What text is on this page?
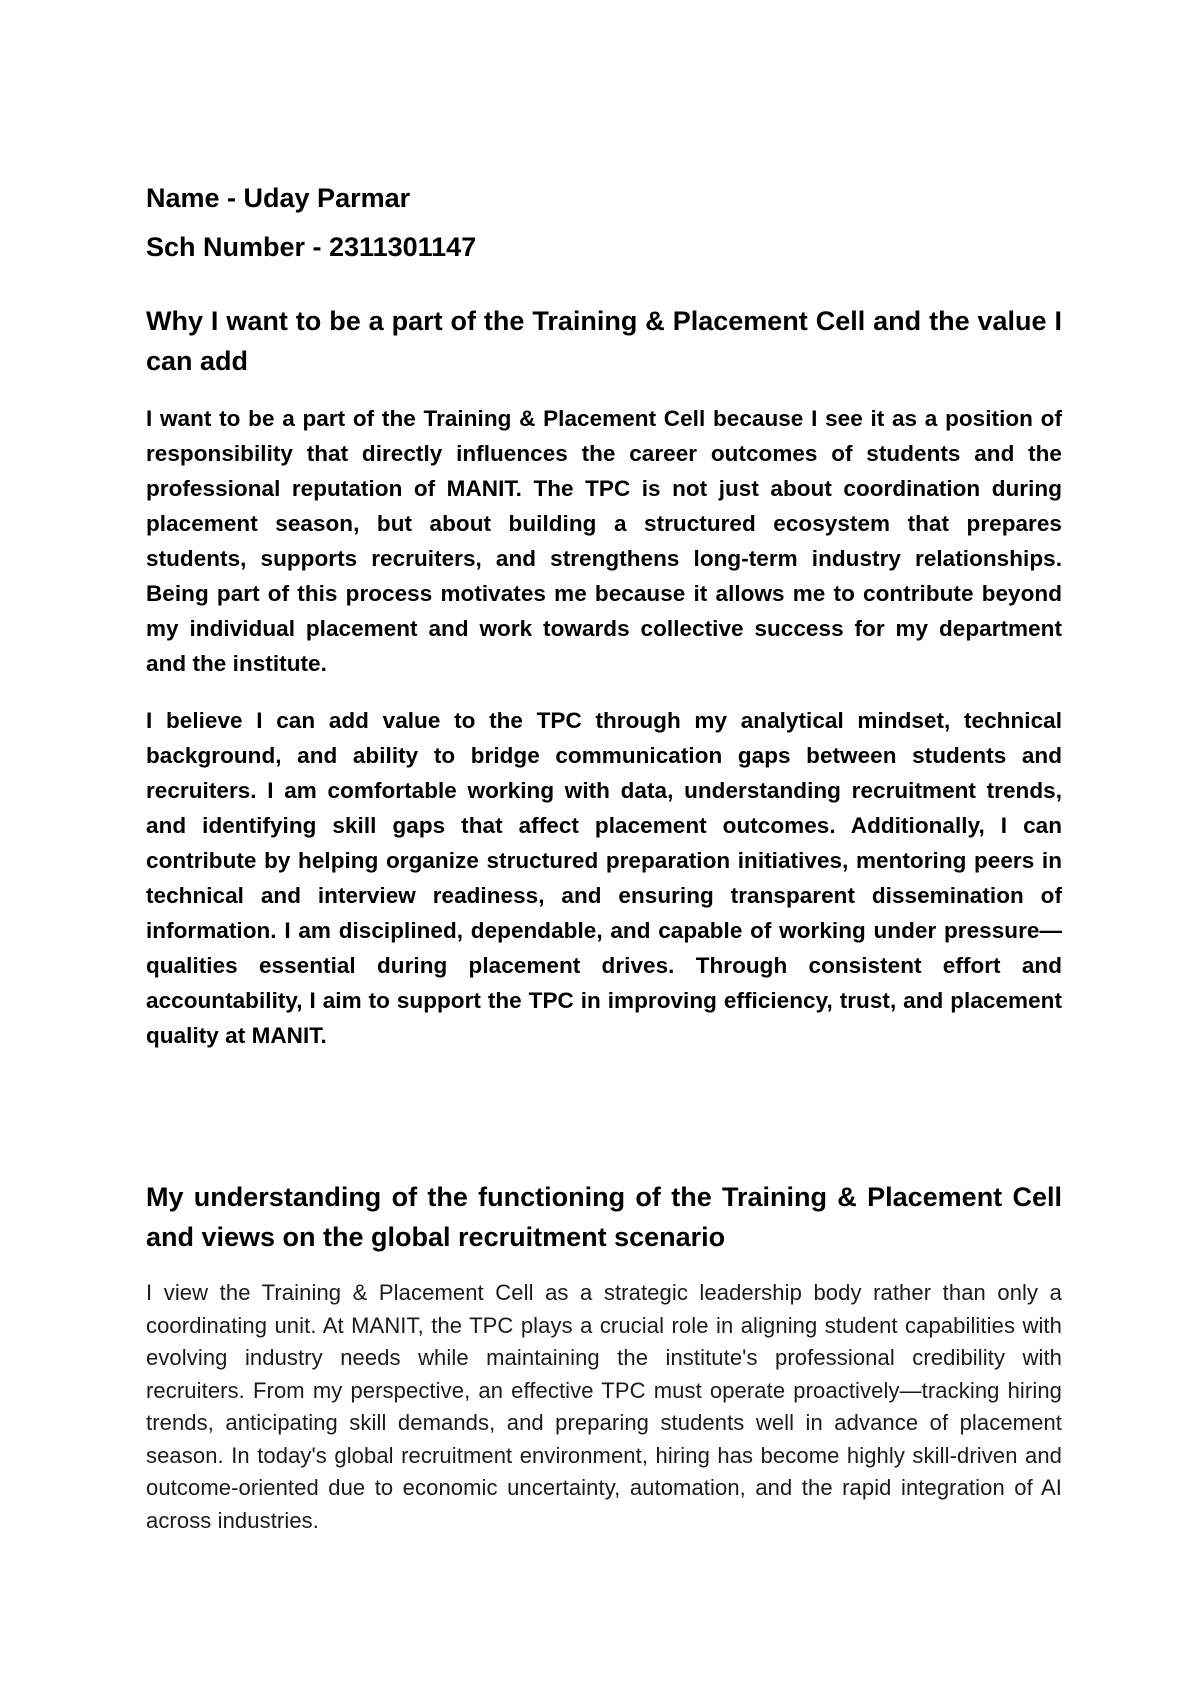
Name - Uday Parmar

Sch Number - 2311301147

Why I want to be a part of the Training & Placement Cell and the value I can add

I want to be a part of the Training & Placement Cell because I see it as a position of responsibility that directly influences the career outcomes of students and the professional reputation of MANIT. The TPC is not just about coordination during placement season, but about building a structured ecosystem that prepares students, supports recruiters, and strengthens long-term industry relationships. Being part of this process motivates me because it allows me to contribute beyond my individual placement and work towards collective success for my department and the institute.

I believe I can add value to the TPC through my analytical mindset, technical background, and ability to bridge communication gaps between students and recruiters. I am comfortable working with data, understanding recruitment trends, and identifying skill gaps that affect placement outcomes. Additionally, I can contribute by helping organize structured preparation initiatives, mentoring peers in technical and interview readiness, and ensuring transparent dissemination of information. I am disciplined, dependable, and capable of working under pressure—qualities essential during placement drives. Through consistent effort and accountability, I aim to support the TPC in improving efficiency, trust, and placement quality at MANIT.

My understanding of the functioning of the Training & Placement Cell and views on the global recruitment scenario

I view the Training & Placement Cell as a strategic leadership body rather than only a coordinating unit. At MANIT, the TPC plays a crucial role in aligning student capabilities with evolving industry needs while maintaining the institute's professional credibility with recruiters. From my perspective, an effective TPC must operate proactively—tracking hiring trends, anticipating skill demands, and preparing students well in advance of placement season. In today's global recruitment environment, hiring has become highly skill-driven and outcome-oriented due to economic uncertainty, automation, and the rapid integration of AI across industries.
